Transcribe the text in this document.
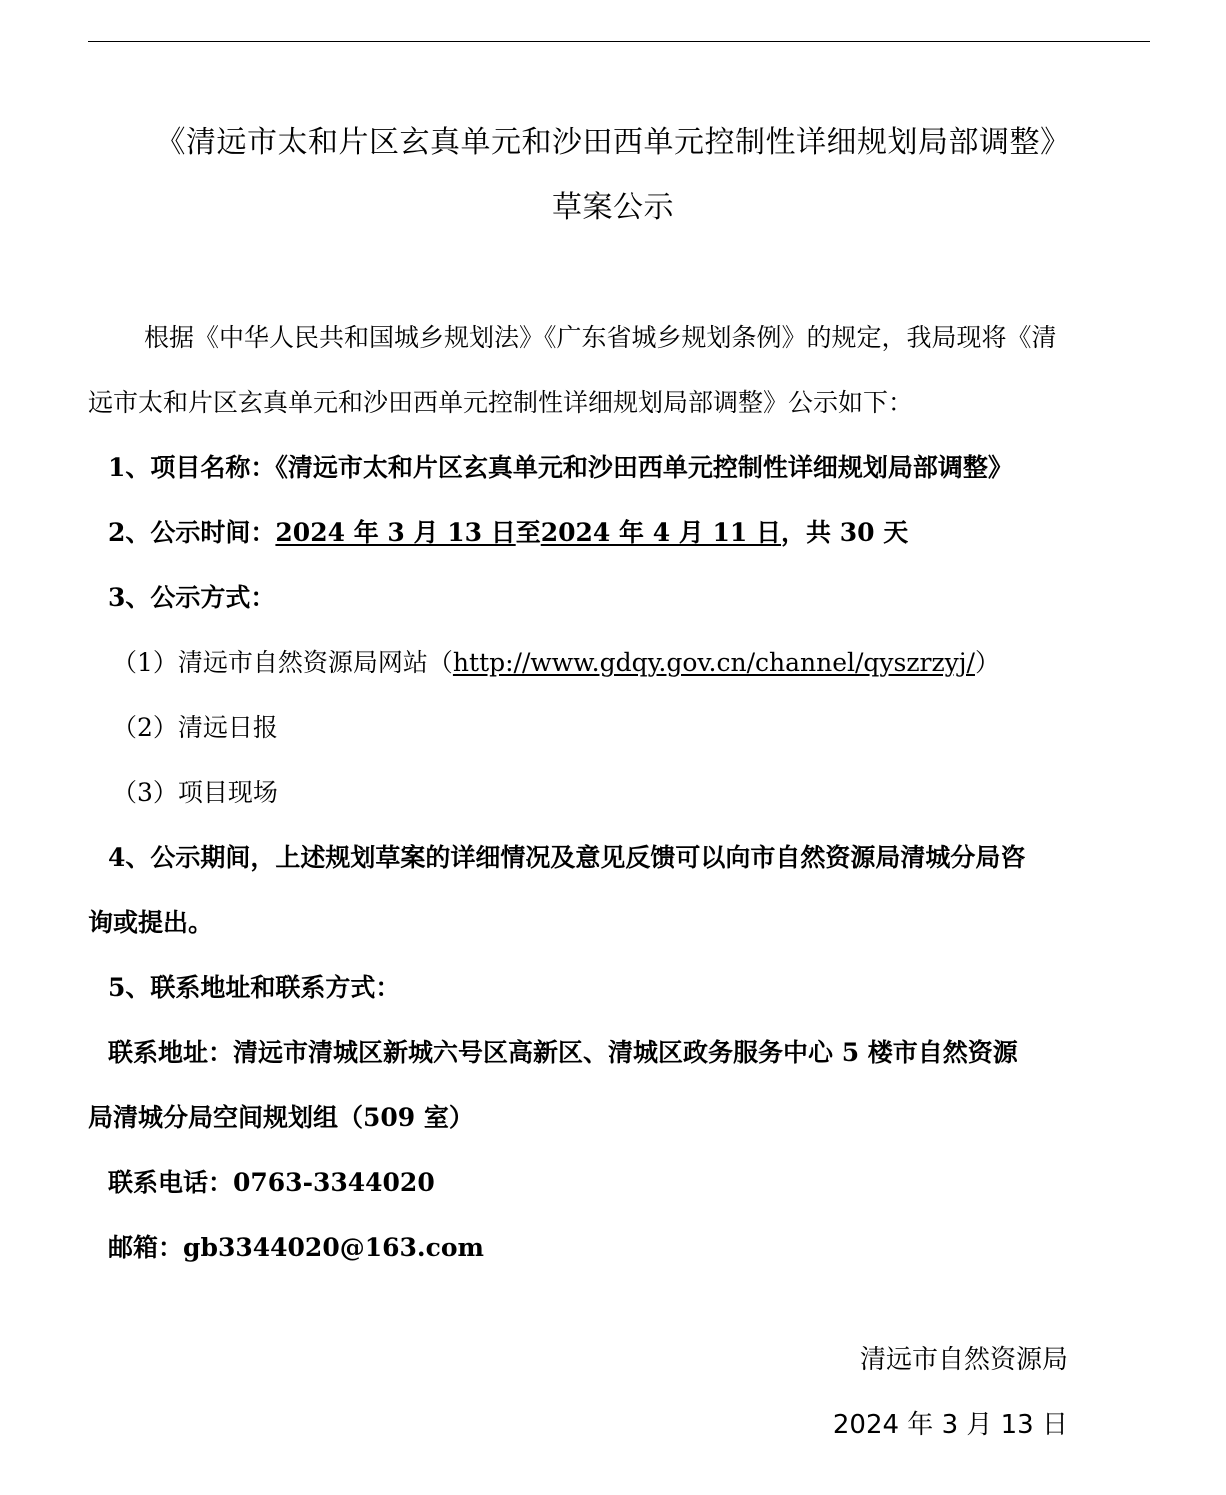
《清远市太和片区玄真单元和沙田西单元控制性详细规划局部调整》
草案公示
根据《中华人民共和国城乡规划法》《广东省城乡规划条例》的规定，我局现将《清
远市太和片区玄真单元和沙田西单元控制性详细规划局部调整》公示如下：
1、项目名称：《清远市太和片区玄真单元和沙田西单元控制性详细规划局部调整》
2、公示时间：2024 年 3 月 13 日至2024 年 4 月 11 日，共 30 天
3、公示方式：
（1）清远市自然资源局网站（http://www.gdqy.gov.cn/channel/qyszrzyj/）
（2）清远日报
（3）项目现场
4、公示期间，上述规划草案的详细情况及意见反馈可以向市自然资源局清城分局咨
询或提出。
5、联系地址和联系方式：
联系地址：清远市清城区新城六号区高新区、清城区政务服务中心 5 楼市自然资源
局清城分局空间规划组（509 室）
联系电话：0763-3344020
邮箱：gb3344020@163.com
清远市自然资源局
2024 年 3 月 13 日
